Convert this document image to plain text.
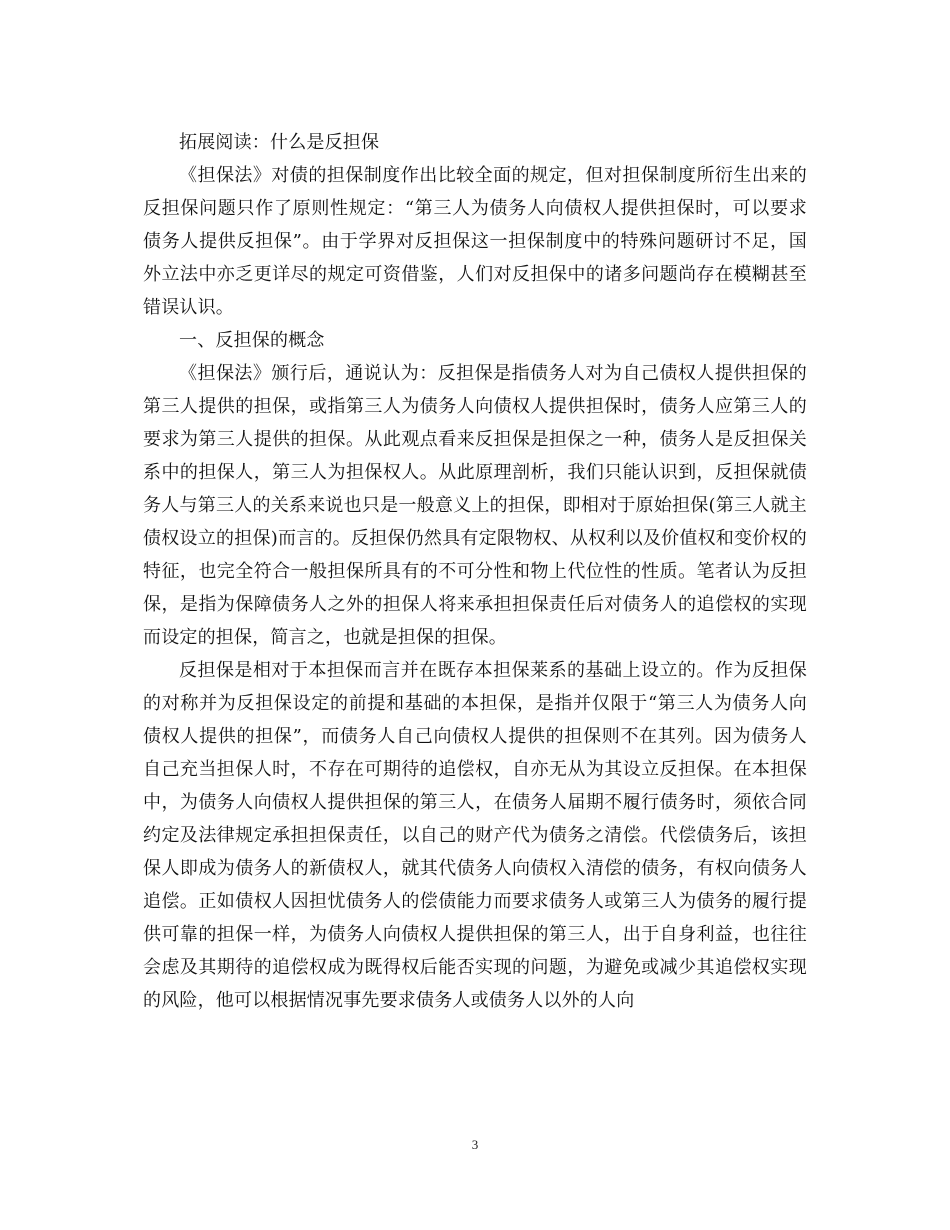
拓展阅读：什么是反担保

《担保法》对债的担保制度作出比较全面的规定，但对担保制度所衍生出来的反担保问题只作了原则性规定：“第三人为债务人向债权人提供担保时，可以要求债务人提供反担保”。由于学界对反担保这一担保制度中的特殊问题研讨不足，国外立法中亦乏更详尽的规定可资借鉴，人们对反担保中的诸多问题尚存在模糊甚至错误认识。

一、反担保的概念

《担保法》颁行后，通说认为：反担保是指债务人对为自己债权人提供担保的第三人提供的担保，或指第三人为债务人向债权人提供担保时，债务人应第三人的要求为第三人提供的担保。从此观点看来反担保是担保之一种，债务人是反担保关系中的担保人，第三人为担保权人。从此原理剖析，我们只能认识到，反担保就债务人与第三人的关系来说也只是一般意义上的担保，即相对于原始担保(第三人就主债权设立的担保)而言的。反担保仍然具有定限物权、从权利以及价值权和变价权的特征，也完全符合一般担保所具有的不可分性和物上代位性的性质。笔者认为反担保，是指为保障债务人之外的担保人将来承担担保责任后对债务人的追偿权的实现而设定的担保，简言之，也就是担保的担保。

反担保是相对于本担保而言并在既存本担保莱系的基础上设立的。作为反担保的对称并为反担保设定的前提和基础的本担保，是指并仅限于“第三人为债务人向债权人提供的担保”，而债务人自己向债权人提供的担保则不在其列。因为债务人自己充当担保人时，不存在可期待的追偿权，自亦无从为其设立反担保。在本担保中，为债务人向债权人提供担保的第三人，在债务人届期不履行债务时，须依合同约定及法律规定承担担保责任，以自己的财产代为债务之清偿。代偿债务后，该担保人即成为债务人的新债权人，就其代债务人向债权入清偿的债务，有权向债务人追偿。正如债权人因担忧债务人的偿债能力而要求债务人或第三人为债务的履行提供可靠的担保一样，为债务人向债权人提供担保的第三人，出于自身利益，也往往会虑及其期待的追偿权成为既得权后能否实现的问题，为避免或减少其追偿权实现的风险，他可以根据情况事先要求债务人或债务人以外的人向

3
